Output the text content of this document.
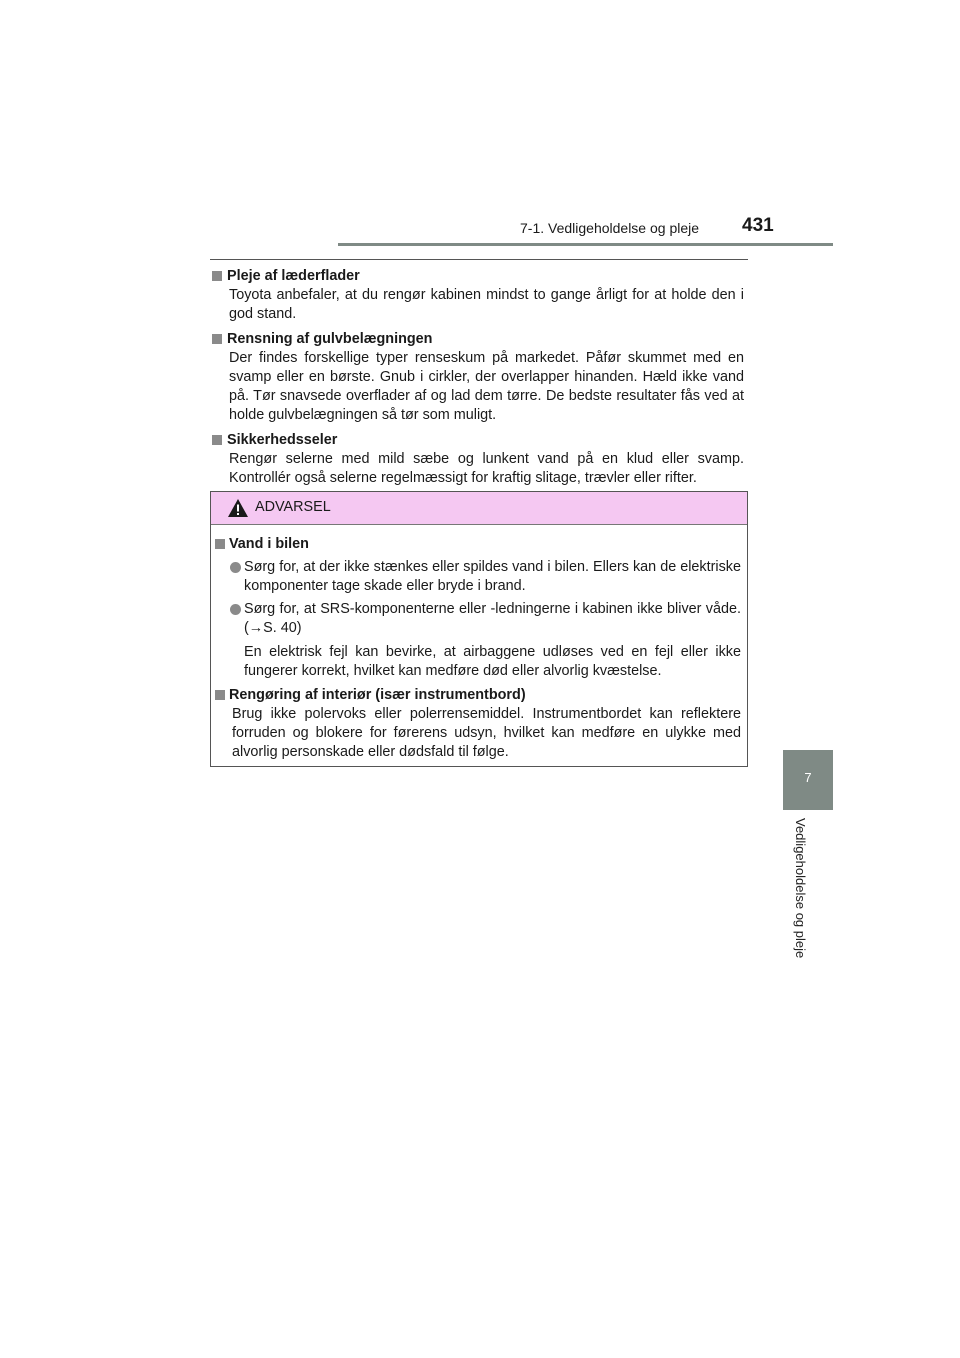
7-1. Vedligeholdelse og pleje 431
7
Vedligeholdelse og pleje
Pleje af læderflader
Toyota anbefaler, at du rengør kabinen mindst to gange årligt for at holde den i god stand.
Rensning af gulvbelægningen
Der findes forskellige typer renseskum på markedet. Påfør skummet med en svamp eller en børste. Gnub i cirkler, der overlapper hinanden. Hæld ikke vand på. Tør snavsede overflader af og lad dem tørre. De bedste resultater fås ved at holde gulvbelægningen så tør som muligt.
Sikkerhedsseler
Rengør selerne med mild sæbe og lunkent vand på en klud eller svamp. Kontrollér også selerne regelmæssigt for kraftig slitage, trævler eller rifter.
ADVARSEL
Vand i bilen
Sørg for, at der ikke stænkes eller spildes vand i bilen. Ellers kan de elektriske komponenter tage skade eller bryde i brand.
Sørg for, at SRS-komponenterne eller -ledningerne i kabinen ikke bliver våde. (→S. 40)
En elektrisk fejl kan bevirke, at airbaggene udløses ved en fejl eller ikke fungerer korrekt, hvilket kan medføre død eller alvorlig kvæstelse.
Rengøring af interiør (især instrumentbord)
Brug ikke polervoks eller polerrensemiddel. Instrumentbordet kan reflektere forruden og blokere for førerens udsyn, hvilket kan medføre en ulykke med alvorlig personskade eller dødsfald til følge.
